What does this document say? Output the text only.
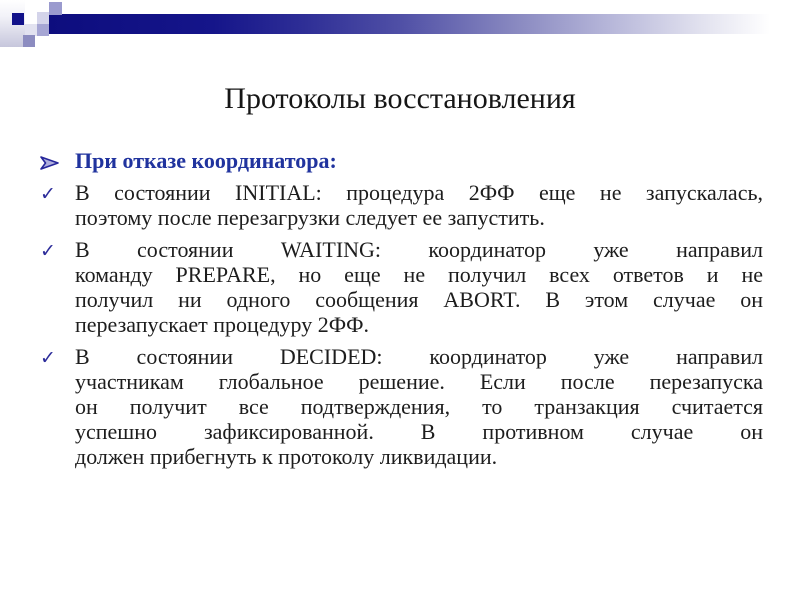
Протоколы восстановления
При отказе координатора:
✓ В состоянии INITIAL: процедура 2ФФ еще не запускалась,
поэтому после перезагрузки следует ее запустить.
✓ В состоянии WAITING: координатор уже направил
команду PREPARE, но еще не получил всех ответов и не
получил ни одного сообщения ABORT. В этом случае он
перезапускает процедуру 2ФФ.
✓ В состоянии DECIDED: координатор уже направил
участникам глобальное решение. Если после перезапуска
он получит все подтверждения, то транзакция считается
успешно зафиксированной. В противном случае он
должен прибегнуть к протоколу ликвидации.
